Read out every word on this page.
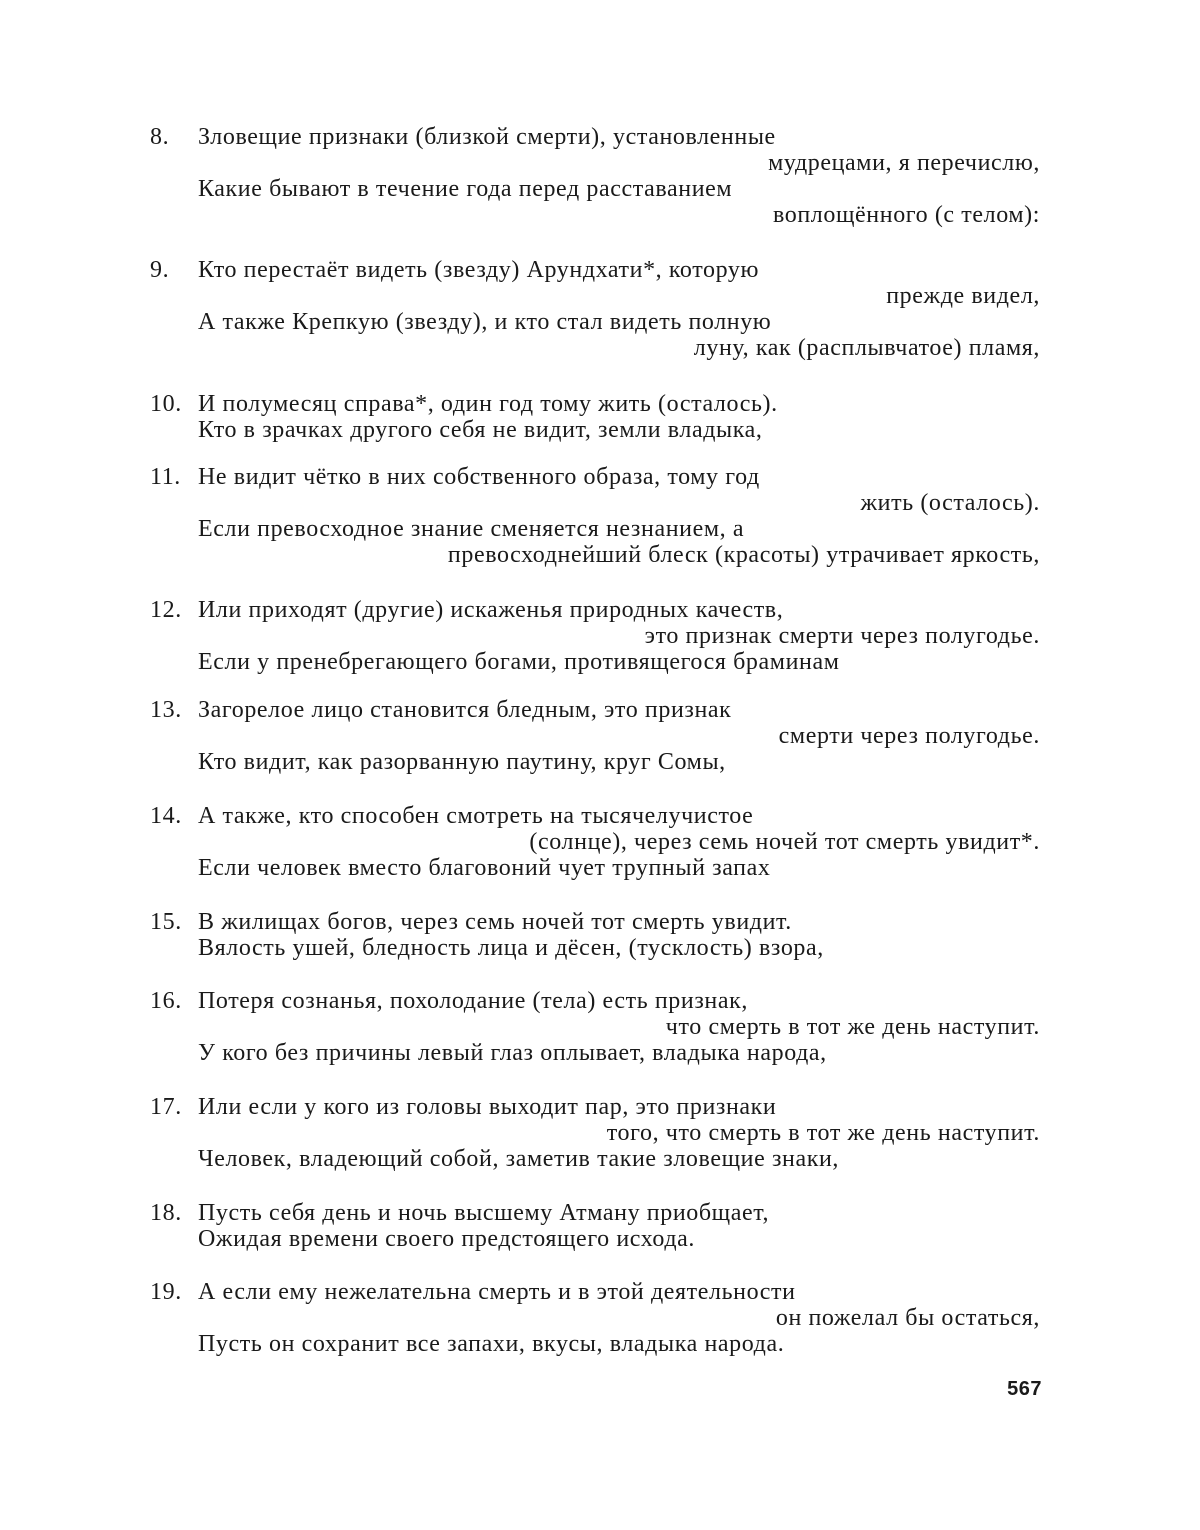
8.	Зловещие признаки (близкой смерти), установленные
мудрецами, я перечислю,
Какие бывают в течение года перед расставанием
воплощённого (с телом):
9.	Кто перестаёт видеть (звезду) Арундхати*, которую
прежде видел,
А также Крепкую (звезду), и кто стал видеть полную
луну, как (расплывчатое) пламя,
10. И полумесяц справа*, один год тому жить (осталось).
Кто в зрачках другого себя не видит, земли владыка,
11. Не видит чётко в них собственного образа, тому год
жить (осталось).
Если превосходное знание сменяется незнанием, а
превосходнейший блеск (красоты) утрачивает яркость,
12. Или приходят (другие) искаженья природных качеств,
это признак смерти через полугодье.
Если у пренебрегающего богами, противящегося браминам
13. Загорелое лицо становится бледным, это признак
смерти через полугодье.
Кто видит, как разорванную паутину, круг Сомы,
14. А также, кто способен смотреть на тысячелучистое
(солнце), через семь ночей тот смерть увидит*.
Если человек вместо благовоний чует трупный запах
15. В жилищах богов, через семь ночей тот смерть увидит.
Вялость ушей, бледность лица и дёсен, (тусклость) взора,
16. Потеря сознанья, похолодание (тела) есть признак,
что смерть в тот же день наступит.
У кого без причины левый глаз оплывает, владыка народа,
17. Или если у кого из головы выходит пар, это признаки
того, что смерть в тот же день наступит.
Человек, владеющий собой, заметив такие зловещие знаки,
18. Пусть себя день и ночь высшему Атману приобщает,
Ожидая времени своего предстоящего исхода.
19. А если ему нежелательна смерть и в этой деятельности
он пожелал бы остаться,
Пусть он сохранит все запахи, вкусы, владыка народа.
567
